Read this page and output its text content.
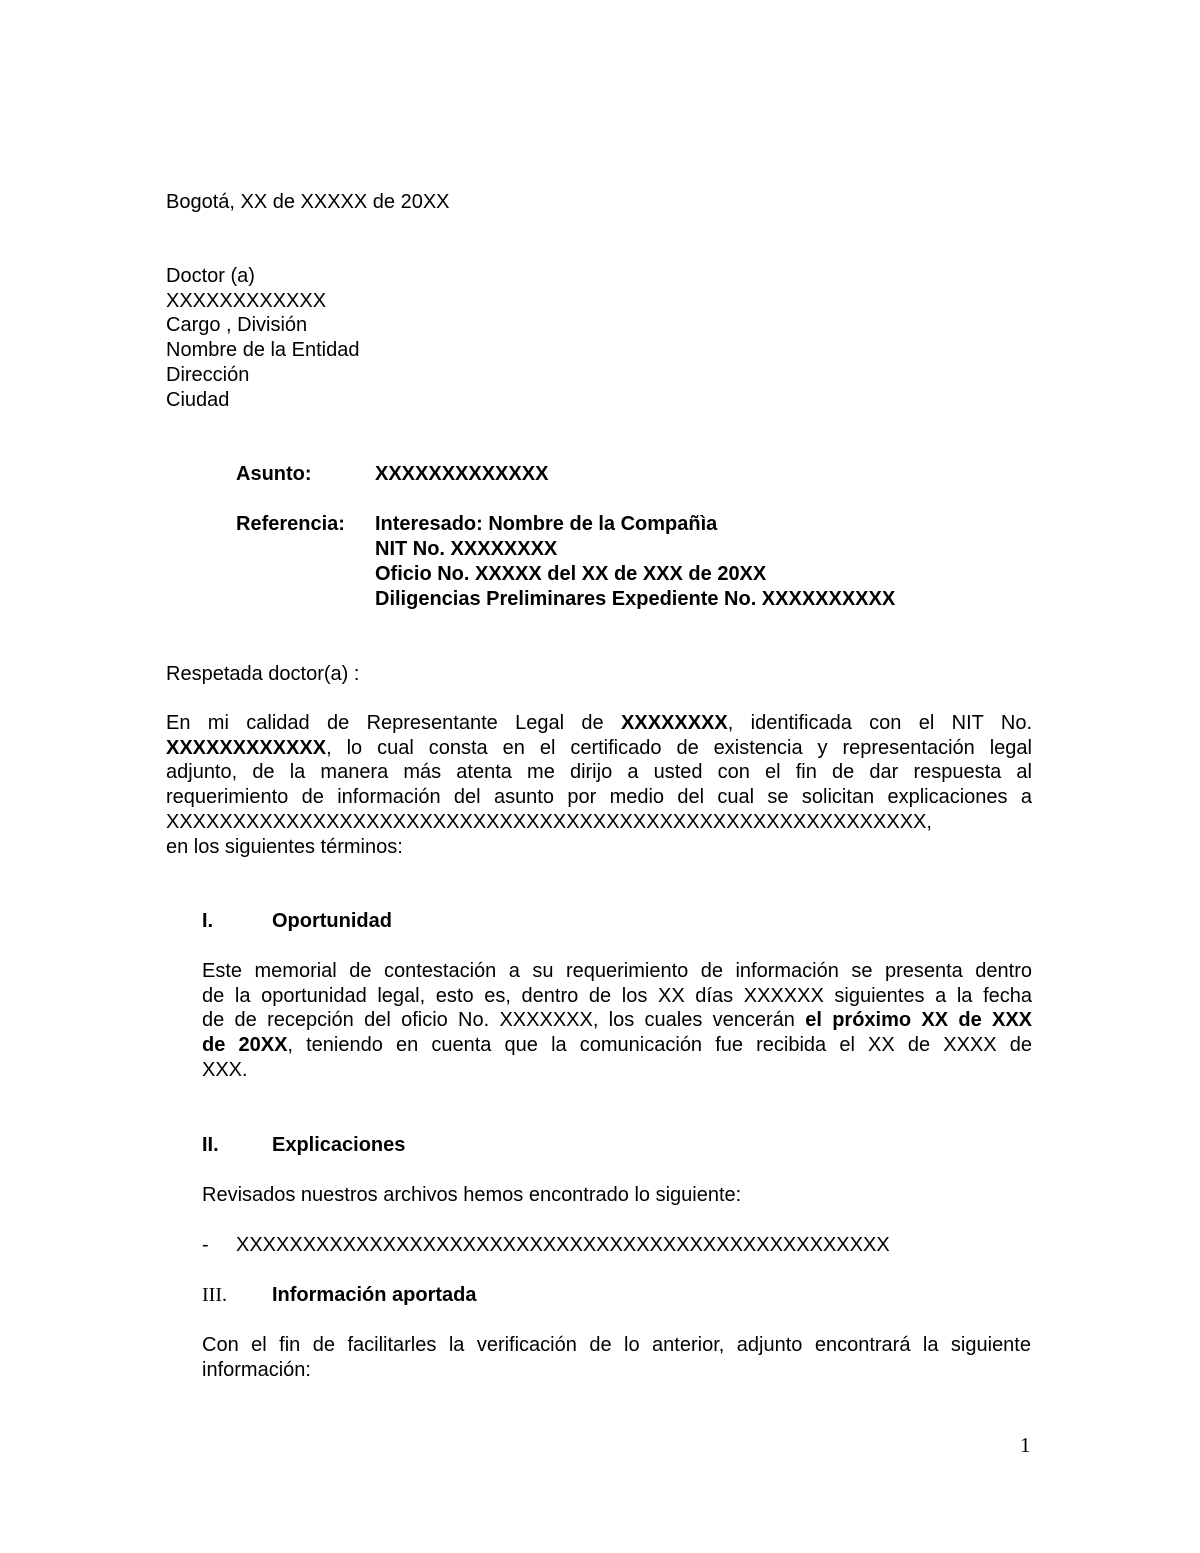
Bogotá, XX de XXXXX de 20XX
Doctor (a)
XXXXXXXXXXXX
Cargo , División
Nombre de la Entidad
Dirección
Ciudad
Asunto:	XXXXXXXXXXXXX
Referencia: Interesado: Nombre de la Compañìa
NIT No. XXXXXXXX
Oficio No. XXXXX del XX de XXX de 20XX
Diligencias Preliminares Expediente No. XXXXXXXXXX
Respetada doctor(a) :
En mi calidad de Representante Legal de XXXXXXXX, identificada con el NIT No.
XXXXXXXXXXXX, lo cual consta en el certificado de existencia y representación legal
adjunto, de la manera más atenta me dirijo a usted con el fin de dar respuesta al
requerimiento de información del asunto por medio del cual se solicitan explicaciones a
XXXXXXXXXXXXXXXXXXXXXXXXXXXXXXXXXXXXXXXXXXXXXXXXXXXXXXXXX,
en los siguientes términos:
I.	Oportunidad
Este memorial de contestación a su requerimiento de información se presenta dentro
de la oportunidad legal, esto es, dentro de los XX días XXXXXX siguientes a la fecha
de de recepción del oficio No. XXXXXXX, los cuales vencerán el próximo XX de XXX
de 20XX, teniendo en cuenta que la comunicación fue recibida el XX de XXXX de
XXX.
II.	Explicaciones
Revisados nuestros archivos hemos encontrado lo siguiente:
- XXXXXXXXXXXXXXXXXXXXXXXXXXXXXXXXXXXXXXXXXXXXXXXXX
III. Información aportada
Con el fin de facilitarles la verificación de lo anterior, adjunto encontrará la siguiente
información:
1
